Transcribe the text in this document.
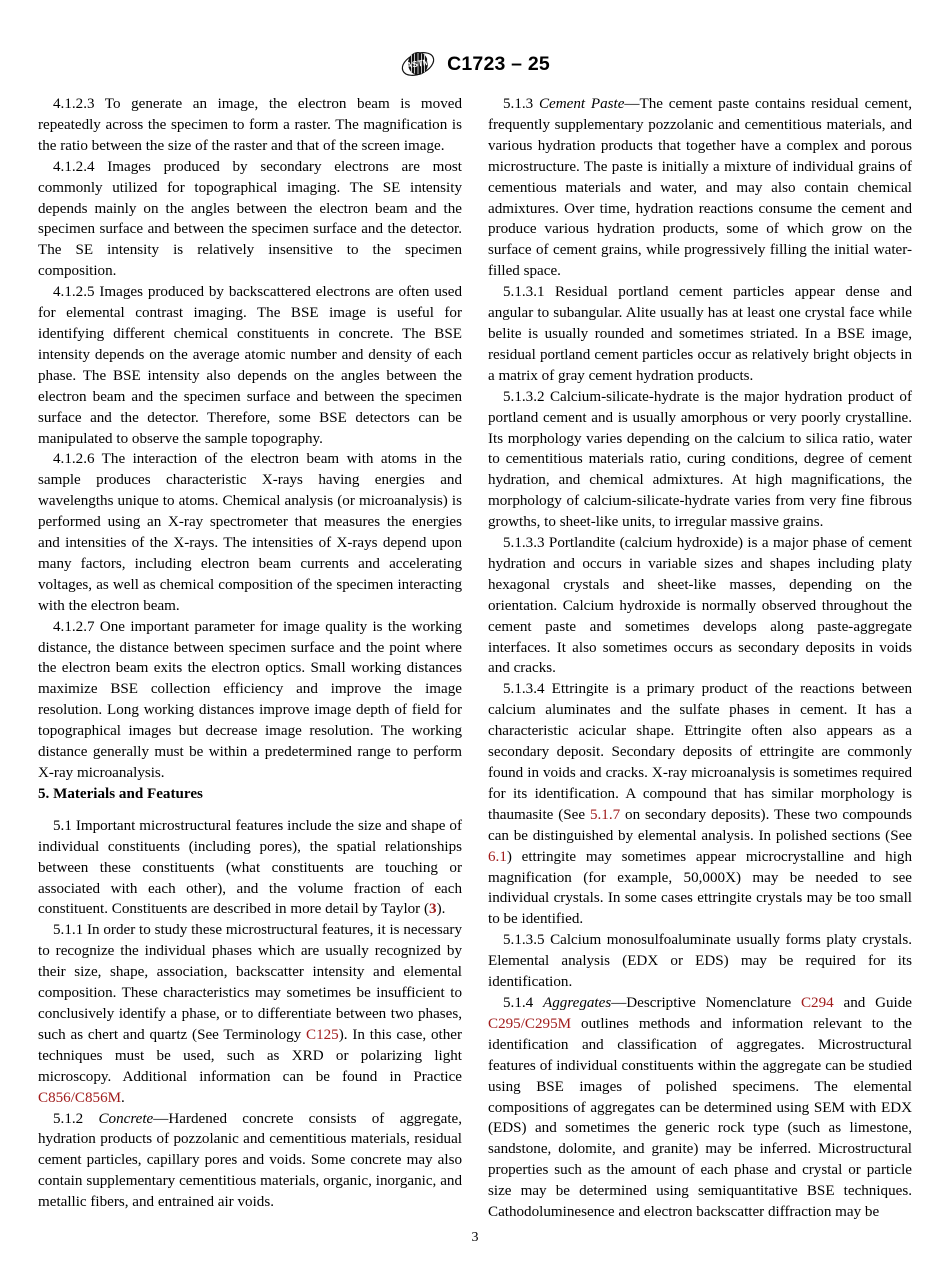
ASTM C1723 – 25

4.1.2.3 To generate an image, the electron beam is moved repeatedly across the specimen to form a raster. The magnification is the ratio between the size of the raster and that of the screen image.

4.1.2.4 Images produced by secondary electrons are most commonly utilized for topographical imaging. The SE intensity depends mainly on the angles between the electron beam and the specimen surface and between the specimen surface and the detector. The SE intensity is relatively insensitive to the specimen composition.

4.1.2.5 Images produced by backscattered electrons are often used for elemental contrast imaging. The BSE image is useful for identifying different chemical constituents in concrete. The BSE intensity depends on the average atomic number and density of each phase. The BSE intensity also depends on the angles between the electron beam and the specimen surface and between the specimen surface and the detector. Therefore, some BSE detectors can be manipulated to observe the sample topography.

4.1.2.6 The interaction of the electron beam with atoms in the sample produces characteristic X-rays having energies and wavelengths unique to atoms. Chemical analysis (or microanalysis) is performed using an X-ray spectrometer that measures the energies and intensities of the X-rays. The intensities of X-rays depend upon many factors, including electron beam currents and accelerating voltages, as well as chemical composition of the specimen interacting with the electron beam.

4.1.2.7 One important parameter for image quality is the working distance, the distance between specimen surface and the point where the electron beam exits the electron optics. Small working distances maximize BSE collection efficiency and improve the image resolution. Long working distances improve image depth of field for topographical images but decrease image resolution. The working distance generally must be within a predetermined range to perform X-ray microanalysis.

5. Materials and Features

5.1 Important microstructural features include the size and shape of individual constituents (including pores), the spatial relationships between these constituents (what constituents are touching or associated with each other), and the volume fraction of each constituent. Constituents are described in more detail by Taylor (3).

5.1.1 In order to study these microstructural features, it is necessary to recognize the individual phases which are usually recognized by their size, shape, association, backscatter intensity and elemental composition. These characteristics may sometimes be insufficient to conclusively identify a phase, or to differentiate between two phases, such as chert and quartz (See Terminology C125). In this case, other techniques must be used, such as XRD or polarizing light microscopy. Additional information can be found in Practice C856/C856M.

5.1.2 Concrete—Hardened concrete consists of aggregate, hydration products of pozzolanic and cementitious materials, residual cement particles, capillary pores and voids. Some concrete may also contain supplementary cementitious materials, organic, inorganic, and metallic fibers, and entrained air voids.

5.1.3 Cement Paste—The cement paste contains residual cement, frequently supplementary pozzolanic and cementitious materials, and various hydration products that together have a complex and porous microstructure. The paste is initially a mixture of individual grains of cementious materials and water, and may also contain chemical admixtures. Over time, hydration reactions consume the cement and produce various hydration products, some of which grow on the surface of cement grains, while progressively filling the initial water-filled space.

5.1.3.1 Residual portland cement particles appear dense and angular to subangular. Alite usually has at least one crystal face while belite is usually rounded and sometimes striated. In a BSE image, residual portland cement particles occur as relatively bright objects in a matrix of gray cement hydration products.

5.1.3.2 Calcium-silicate-hydrate is the major hydration product of portland cement and is usually amorphous or very poorly crystalline. Its morphology varies depending on the calcium to silica ratio, water to cementitious materials ratio, curing conditions, degree of cement hydration, and chemical admixtures. At high magnifications, the morphology of calcium-silicate-hydrate varies from very fine fibrous growths, to sheet-like units, to irregular massive grains.

5.1.3.3 Portlandite (calcium hydroxide) is a major phase of cement hydration and occurs in variable sizes and shapes including platy hexagonal crystals and sheet-like masses, depending on the orientation. Calcium hydroxide is normally observed throughout the cement paste and sometimes develops along paste-aggregate interfaces. It also sometimes occurs as secondary deposits in voids and cracks.

5.1.3.4 Ettringite is a primary product of the reactions between calcium aluminates and the sulfate phases in cement. It has a characteristic acicular shape. Ettringite often also appears as a secondary deposit. Secondary deposits of ettringite are commonly found in voids and cracks. X-ray microanalysis is sometimes required for its identification. A compound that has similar morphology is thaumasite (See 5.1.7 on secondary deposits). These two compounds can be distinguished by elemental analysis. In polished sections (See 6.1) ettringite may sometimes appear microcrystalline and high magnification (for example, 50,000X) may be needed to see individual crystals. In some cases ettringite crystals may be too small to be identified.

5.1.3.5 Calcium monosulfoaluminate usually forms platy crystals. Elemental analysis (EDX or EDS) may be required for its identification.

5.1.4 Aggregates—Descriptive Nomenclature C294 and Guide C295/C295M outlines methods and information relevant to the identification and classification of aggregates. Microstructural features of individual constituents within the aggregate can be studied using BSE images of polished specimens. The elemental compositions of aggregates can be determined using SEM with EDX (EDS) and sometimes the generic rock type (such as limestone, sandstone, dolomite, and granite) may be inferred. Microstructural properties such as the amount of each phase and crystal or particle size may be determined using semiquantitative BSE techniques. Cathodoluminesence and electron backscatter diffraction may be

3
